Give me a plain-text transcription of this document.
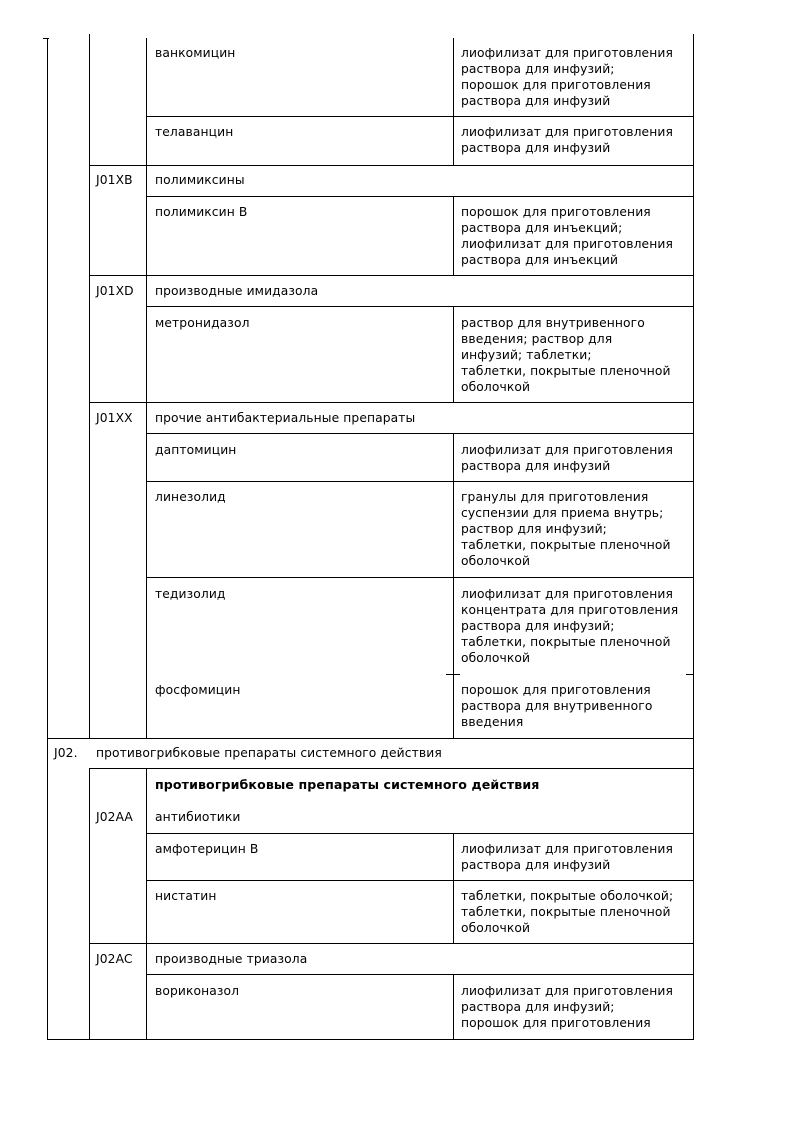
ванкомицин	лиофилизат для приготовления
раствора для инфузий;
порошок для приготовления
раствора для инфузий
телаванцин	лиофилизат для приготовления
раствора для инфузий
J01XB полимиксины
полимиксин B	порошок для приготовления
раствора для инъекций;
лиофилизат для приготовления
раствора для инъекций
J01XD производные имидазола
метронидазол	раствор для внутривенного
введения; раствор для
инфузий; таблетки;
таблетки, покрытые пленочной
оболочкой
J01XX прочие антибактериальные препараты
даптомицин	лиофилизат для приготовления
раствора для инфузий
линезолид	гранулы для приготовления
суспензии для приема внутрь;
раствор для инфузий;
таблетки, покрытые пленочной
оболочкой
тедизолид	лиофилизат для приготовления
концентрата для приготовления
раствора для инфузий;
таблетки, покрытые пленочной
оболочкой
фосфомицин	порошок для приготовления
раствора для внутривенного
введения
J02. противогрибковые препараты системного действия
противогрибковые препараты системного действия
J02AA антибиотики
амфотерицин B	лиофилизат для приготовления
раствора для инфузий
нистатин	таблетки, покрытые оболочкой;
таблетки, покрытые пленочной
оболочкой
J02AC производные триазола
вориконазол	лиофилизат для приготовления
раствора для инфузий;
порошок для приготовления
